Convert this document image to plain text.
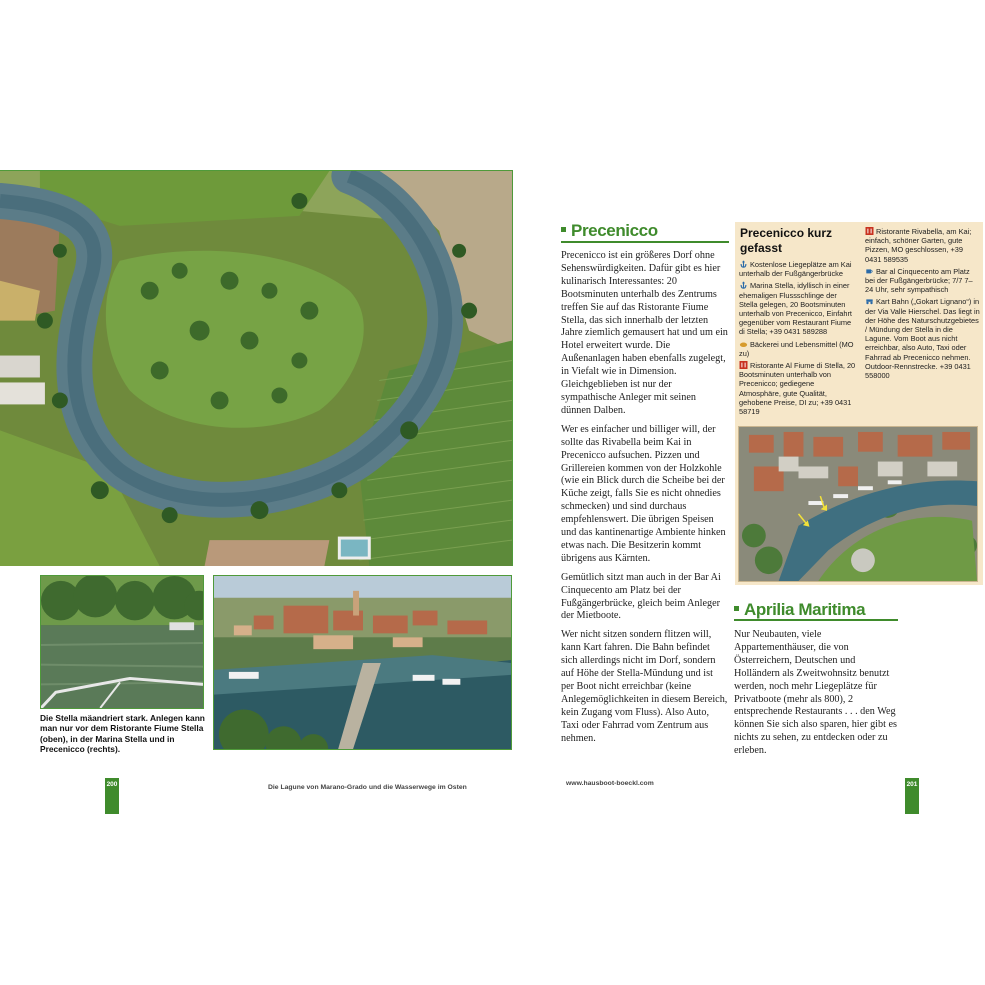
Die Stella mäandriert stark. Anlegen kann man nur vor dem Ristorante Fiume Stella (oben), in der Marina Stella und in Precenicco (rechts).
Precenicco

Precenicco ist ein größeres Dorf ohne Sehenswürdigkeiten. Dafür gibt es hier kulinarisch Interessantes: 20 Bootsminuten unterhalb des Zentrums treffen Sie auf das Ristorante Fiume Stella, das sich innerhalb der letzten Jahre ziemlich gemausert hat und um ein Hotel erweitert wurde. Die Außenanlagen haben ebenfalls zugelegt, in Viefalt wie in Dimension. Gleichgeblieben ist nur der sympathische Anleger mit seinen dünnen Dalben.

Wer es einfacher und billiger will, der sollte das Rivabella beim Kai in Precenicco aufsuchen. Pizzen und Grillereien kommen von der Holzkohle (wie ein Blick durch die Scheibe bei der Küche zeigt, falls Sie es nicht ohnedies schmecken) und sind durchaus empfehlenswert. Die übrigen Speisen und das kantinenartige Ambiente hinken etwas nach. Die Besitzerin kommt übrigens aus Kärnten.

Gemütlich sitzt man auch in der Bar Ai Cinquecento am Platz bei der Fußgängerbrücke, gleich beim Anleger der Mietboote.

Wer nicht sitzen sondern flitzen will, kann Kart fahren. Die Bahn befindet sich allerdings nicht im Dorf, sondern auf Höhe der Stella-Mündung und ist per Boot nicht erreichbar (keine Anlegemöglichkeiten in diesem Bereich, kein Zugang vom Fluss). Also Auto, Taxi oder Fahrrad vom Zentrum aus nehmen.

Precenicco kurz gefasst
Kostenlose Liegeplätze am Kai unterhalb der Fußgängerbrücke
Marina Stella, idyllisch in einer ehemaligen Flussschlinge der Stella gelegen, 20 Bootsminuten unterhalb von Precenicco, Einfahrt gegenüber vom Restaurant Fiume di Stella; +39 0431 589288
Bäckerei und Lebensmittel (MO zu)
Ristorante Al Fiume di Stella, 20 Bootsminuten unterhalb von Precenicco; gediegene Atmosphäre, gute Qualität, gehobene Preise, DI zu; +39 0431 58719
Ristorante Rivabella, am Kai; einfach, schöner Garten, gute Pizzen, MO geschlossen, +39 0431 589535
Bar al Cinquecento am Platz bei der Fußgängerbrücke; 7/7 7–24 Uhr, sehr sympathisch
Kart Bahn („Gokart Lignano“) in der Via Valle Hierschel. Das liegt in der Höhe des Naturschutzgebietes / Mündung der Stella in die Lagune. Vom Boot aus nicht erreichbar, also Auto, Taxi oder Fahrrad ab Precenicco nehmen. Outdoor-Rennstrecke. +39 0431 558000
Aprilia Maritima

Nur Neubauten, viele Appartementhäuser, die von Österreichern, Deutschen und Holländern als Zweitwohnsitz benutzt werden, noch mehr Liegeplätze für Privatboote (mehr als 800), 2 entsprechende Restaurants . . . den Weg können Sie sich also sparen, hier gibt es nichts zu sehen, zu entdecken oder zu erleben.

200	Die Lagune von Marano-Grado und die Wasserwege im Osten
www.hausboot-boeckl.com	201
